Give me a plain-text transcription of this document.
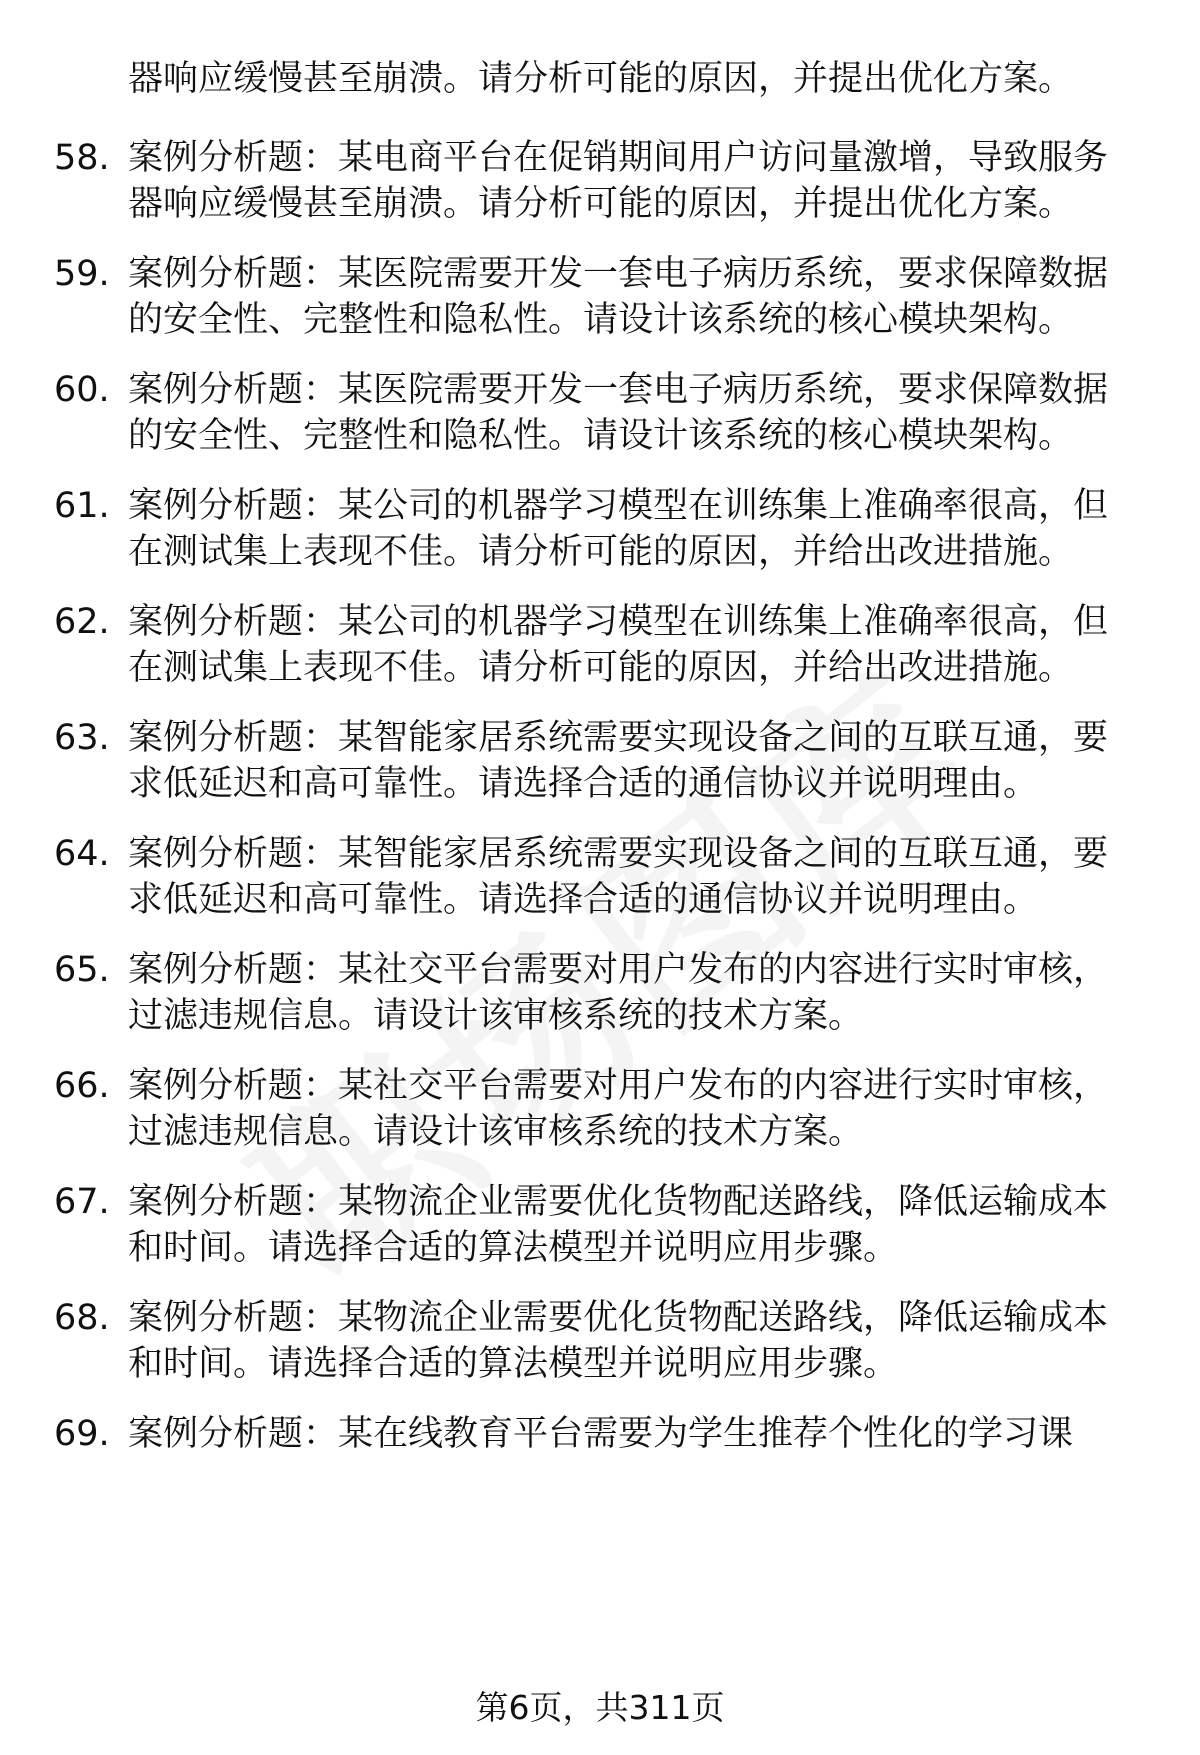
器响应缓慢甚至崩溃。请分析可能的原因，并提出优化方案。
58. 案例分析题：某电商平台在促销期间用户访问量激增，导致服务
器响应缓慢甚至崩溃。请分析可能的原因，并提出优化方案。
59. 案例分析题：某医院需要开发一套电子病历系统，要求保障数据
的安全性、完整性和隐私性。请设计该系统的核心模块架构。
60. 案例分析题：某医院需要开发一套电子病历系统，要求保障数据
的安全性、完整性和隐私性。请设计该系统的核心模块架构。
61. 案例分析题：某公司的机器学习模型在训练集上准确率很高，但
在测试集上表现不佳。请分析可能的原因，并给出改进措施。
62. 案例分析题：某公司的机器学习模型在训练集上准确率很高，但
在测试集上表现不佳。请分析可能的原因，并给出改进措施。
63. 案例分析题：某智能家居系统需要实现设备之间的互联互通，要
求低延迟和高可靠性。请选择合适的通信协议并说明理由。
64. 案例分析题：某智能家居系统需要实现设备之间的互联互通，要
求低延迟和高可靠性。请选择合适的通信协议并说明理由。
65. 案例分析题：某社交平台需要对用户发布的内容进行实时审核，
过滤违规信息。请设计该审核系统的技术方案。
66. 案例分析题：某社交平台需要对用户发布的内容进行实时审核，
过滤违规信息。请设计该审核系统的技术方案。
67. 案例分析题：某物流企业需要优化货物配送路线，降低运输成本
和时间。请选择合适的算法模型并说明应用步骤。
68. 案例分析题：某物流企业需要优化货物配送路线，降低运输成本
和时间。请选择合适的算法模型并说明应用步骤。
69. 案例分析题：某在线教育平台需要为学生推荐个性化的学习课
第6页，共311页
